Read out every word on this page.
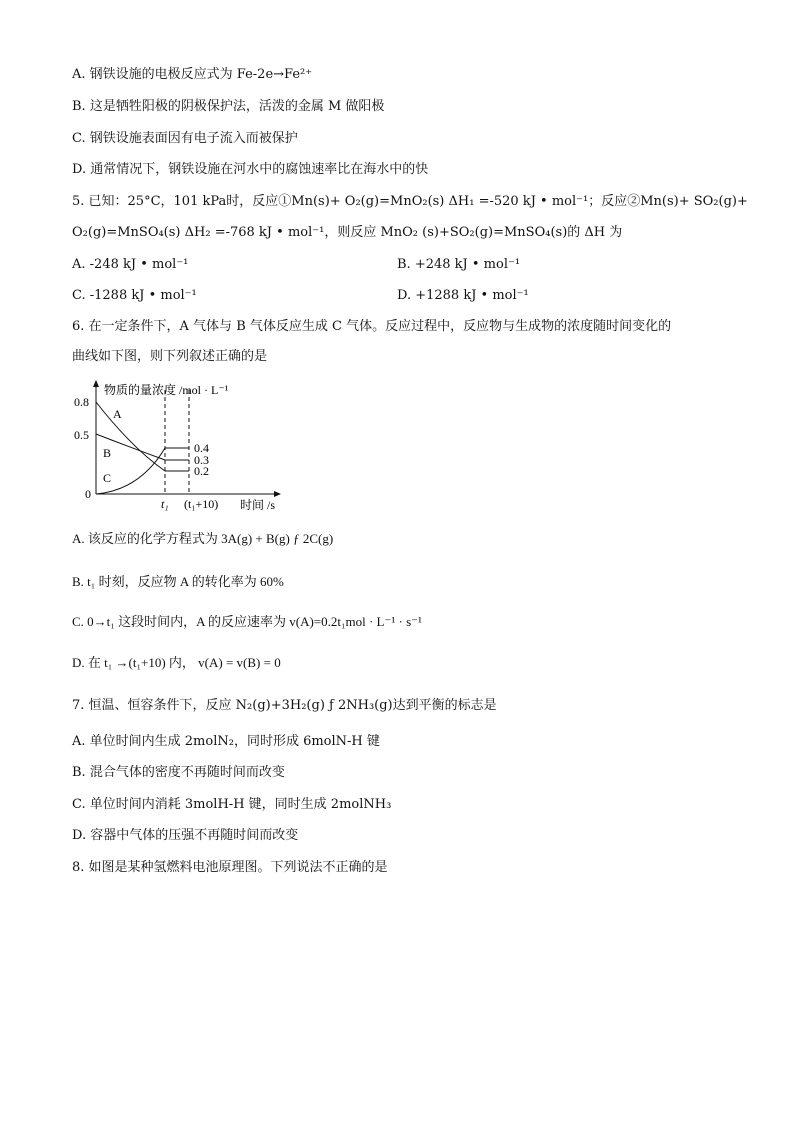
A. 钢铁设施的电极反应式为 Fe-2e→Fe²⁺
B. 这是牺牲阳极的阴极保护法，活泼的金属 M 做阳极
C. 钢铁设施表面因有电子流入而被保护
D. 通常情况下，钢铁设施在河水中的腐蚀速率比在海水中的快
5. 已知：25°C，101 kPa时，反应①Mn(s)+ O₂(g)=MnO₂(s) ΔH₁ =-520 kJ • mol⁻¹；反应②Mn(s)+ SO₂(g)+
O₂(g)=MnSO₄(s) ΔH₂ =-768 kJ • mol⁻¹，则反应 MnO₂ (s)+SO₂(g)=MnSO₄(s)的 ΔH 为
A. -248 kJ • mol⁻¹	B. +248 kJ • mol⁻¹
C. -1288 kJ • mol⁻¹	D. +1288 kJ • mol⁻¹
6. 在一定条件下，A 气体与 B 气体反应生成 C 气体。反应过程中，反应物与生成物的浓度随时间变化的
曲线如下图，则下列叙述正确的是
物质的量浓度 /mol · L⁻¹
0.8
0.5
0
0.4
0.3
0.2
A
B
C
t₁ (t₁+10) 时间 /s
A. 该反应的化学方程式为 3A(g) + B(g) ƒ 2C(g)
B. t₁ 时刻，反应物 A 的转化率为 60%
C. 0→t₁ 这段时间内，A 的反应速率为 v(A)=0.2t₁mol · L⁻¹ · s⁻¹
D. 在 t₁ →(t₁+10) 内， v(A) = v(B) = 0
7. 恒温、恒容条件下，反应 N₂(g)+3H₂(g) ƒ 2NH₃(g)达到平衡的标志是
A. 单位时间内生成 2molN₂，同时形成 6molN-H 键
B. 混合气体的密度不再随时间而改变
C. 单位时间内消耗 3molH-H 键，同时生成 2molNH₃
D. 容器中气体的压强不再随时间而改变
8. 如图是某种氢燃料电池原理图。下列说法不正确的是
